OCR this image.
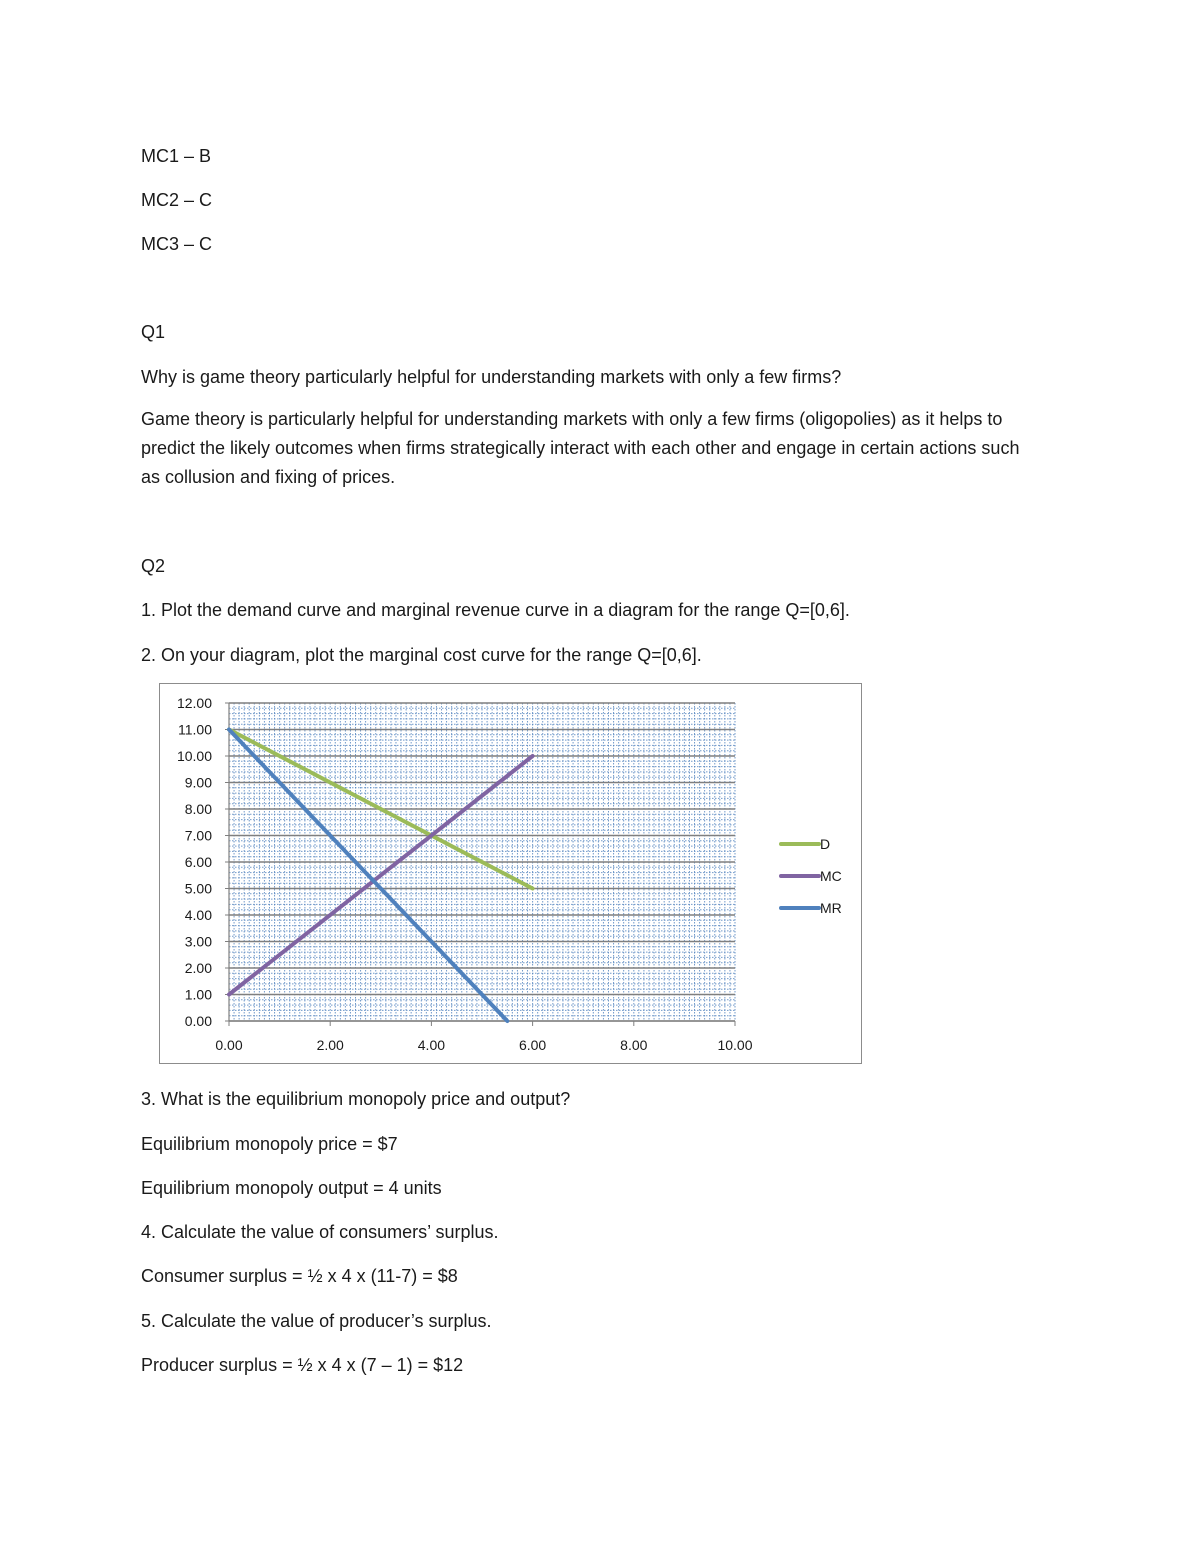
MC1 – B
MC2 – C
MC3 – C
Q1
Why is game theory particularly helpful for understanding markets with only a few firms?
Game theory is particularly helpful for understanding markets with only a few firms (oligopolies) as it helps to predict the likely outcomes when firms strategically interact with each other and engage in certain actions such as collusion and fixing of prices.
Q2
1. Plot the demand curve and marginal revenue curve in a diagram for the range Q=[0,6].
2. On your diagram, plot the marginal cost curve for the range Q=[0,6].
0.00
1.00
2.00
3.00
4.00
5.00
6.00
7.00
8.00
9.00
10.00
11.00
12.00
0.00	2.00	4.00	6.00	8.00	10.00
D
MC
MR
3. What is the equilibrium monopoly price and output?
Equilibrium monopoly price = $7
Equilibrium monopoly output = 4 units
4. Calculate the value of consumers’ surplus.
Consumer surplus = ½ x 4 x (11-7) = $8
5. Calculate the value of producer’s surplus.
Producer surplus = ½ x 4 x (7 – 1) = $12
